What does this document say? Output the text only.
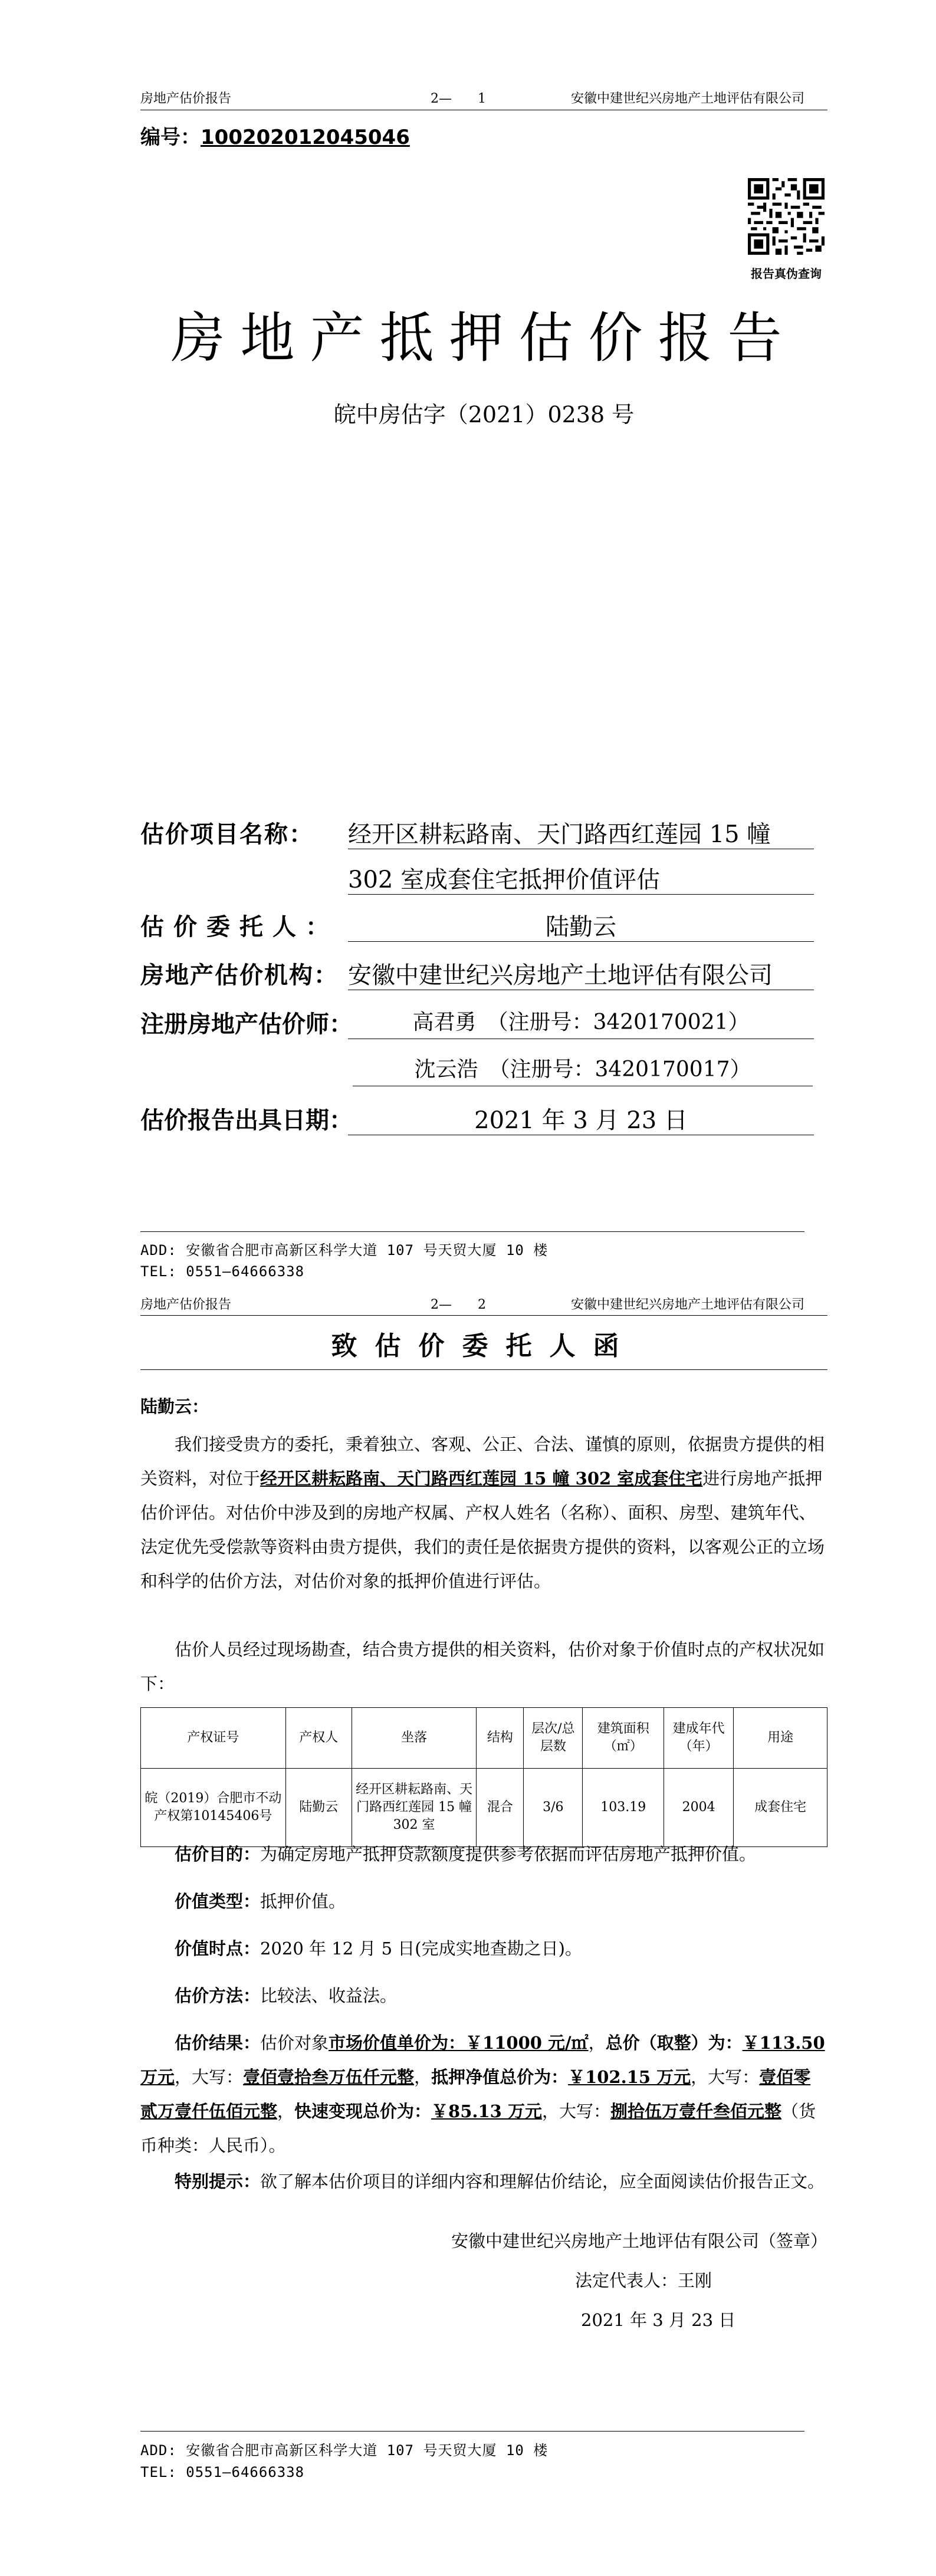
房地产估价报告	2—　　1	安徽中建世纪兴房地产土地评估有限公司
编号：100202012045046
报告真伪查询
房地产抵押估价报告
皖中房估字（2021）0238 号
估价项目名称： 经开区耕耘路南、天门路西红莲园 15 幢
302 室成套住宅抵押价值评估
估价委托人：	陆勤云
房地产估价机构： 安徽中建世纪兴房地产土地评估有限公司
注册房地产估价师：	高君勇　（注册号：3420170021）
沈云浩　（注册号：3420170017）
估价报告出具日期：	2021 年 3 月 23 日
ADD: 安徽省合肥市高新区科学大道 107 号天贸大厦 10 楼
TEL: 0551—64666338
房地产估价报告	2—　　2	安徽中建世纪兴房地产土地评估有限公司
致估价委托人函
陆勤云：
我们接受贵方的委托，秉着独立、客观、公正、合法、谨慎的原则，依据贵方提供的相关资料，对位于经开区耕耘路南、天门路西红莲园 15 幢 302 室成套住宅进行房地产抵押估价评估。对估价中涉及到的房地产权属、产权人姓名（名称）、面积、房型、建筑年代、法定优先受偿款等资料由贵方提供，我们的责任是依据贵方提供的资料，以客观公正的立场和科学的估价方法，对估价对象的抵押价值进行评估。
估价人员经过现场勘查，结合贵方提供的相关资料，估价对象于价值时点的产权状况如下：
产权证号	产权人	坐落	结构	层次/总层数	建筑面积（㎡）	建成年代（年）	用途
皖（2019）合肥市不动产权第10145406号	陆勤云	经开区耕耘路南、天门路西红莲园 15 幢 302 室	混合	3/6	103.19	2004	成套住宅
估价目的：为确定房地产抵押贷款额度提供参考依据而评估房地产抵押价值。
价值类型：抵押价值。
价值时点：2020 年 12 月 5 日(完成实地查勘之日)。
估价方法：比较法、收益法。
估价结果：估价对象市场价值单价为：￥11000 元/㎡，总价（取整）为：￥113.50 万元，大写：壹佰壹拾叁万伍仟元整，抵押净值总价为：￥102.15 万元，大写：壹佰零贰万壹仟伍佰元整，快速变现总价为：￥85.13 万元，大写：捌拾伍万壹仟叁佰元整（货币种类：人民币）。
特别提示：欲了解本估价项目的详细内容和理解估价结论，应全面阅读估价报告正文。
安徽中建世纪兴房地产土地评估有限公司（签章）
法定代表人：王刚
2021 年 3 月 23 日
ADD: 安徽省合肥市高新区科学大道 107 号天贸大厦 10 楼
TEL: 0551—64666338
